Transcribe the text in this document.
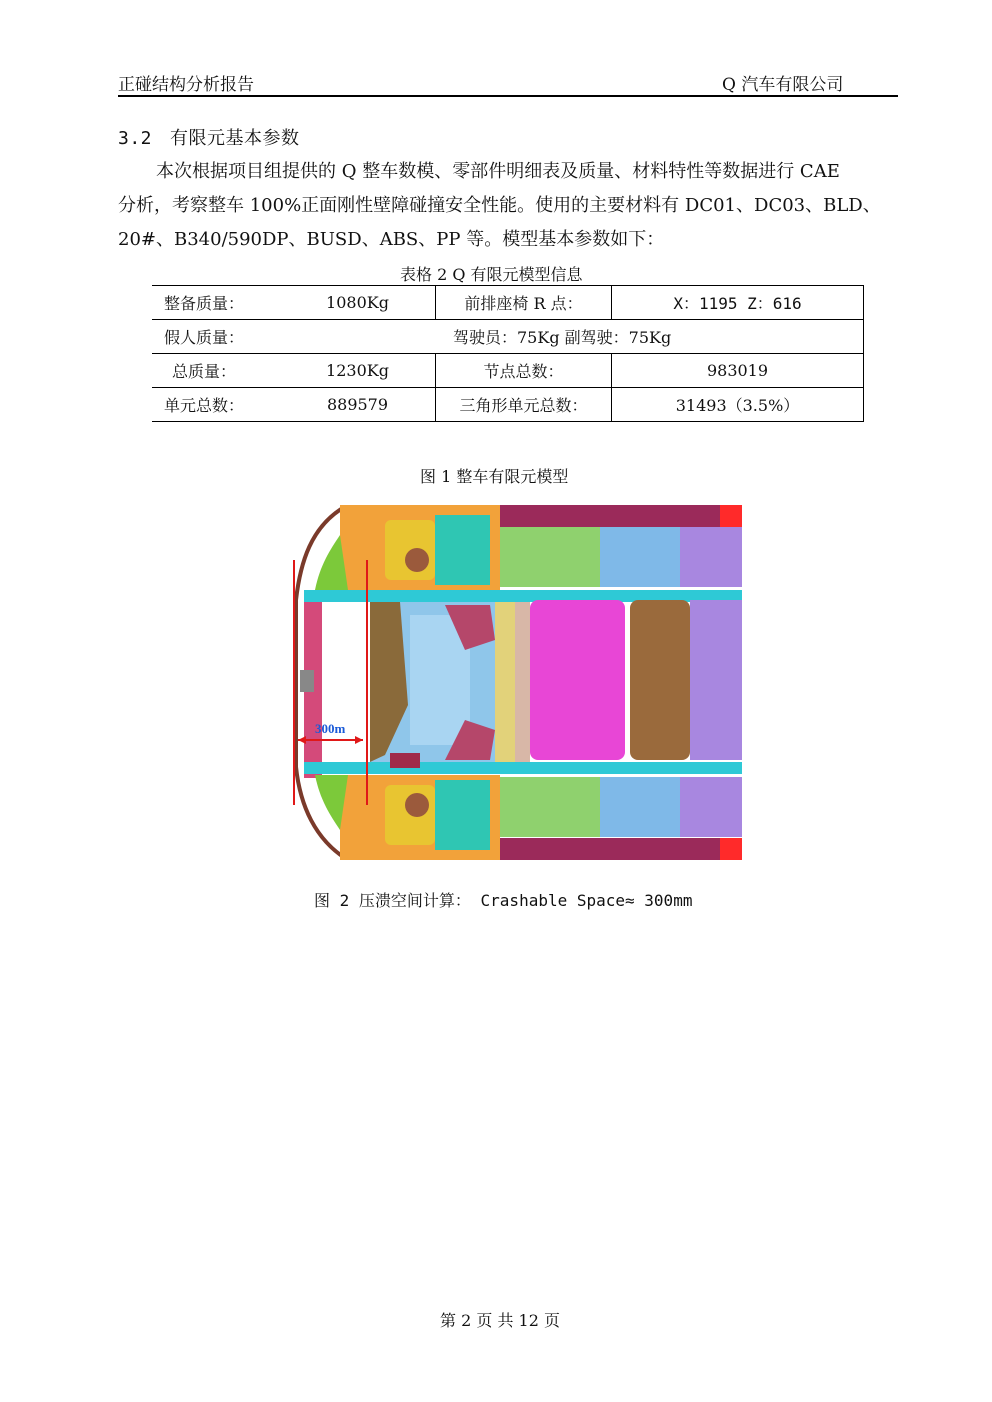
正碰结构分析报告	Q 汽车有限公司
3.2 有限元基本参数

本次根据项目组提供的 Q 整车数模、零部件明细表及质量、材料特性等数据进行 CAE
分析，考察整车 100%正面刚性壁障碰撞安全性能。使用的主要材料有 DC01、DC03、BLD、
20#、B340/590DP、BUSD、ABS、PP 等。模型基本参数如下：

表格 2 Q 有限元模型信息
整备质量：	1080Kg	前排座椅 R 点：	X：1195 Z：616
假人质量：	驾驶员：75Kg 副驾驶：75Kg		
总质量：	1230Kg	节点总数：	983019
单元总数：	889579	三角形单元总数：	31493（3.5%）
图 1 整车有限元模型
300m
图 2 压溃空间计算： Crashable Space≈ 300mm
第 2 页 共 12 页
